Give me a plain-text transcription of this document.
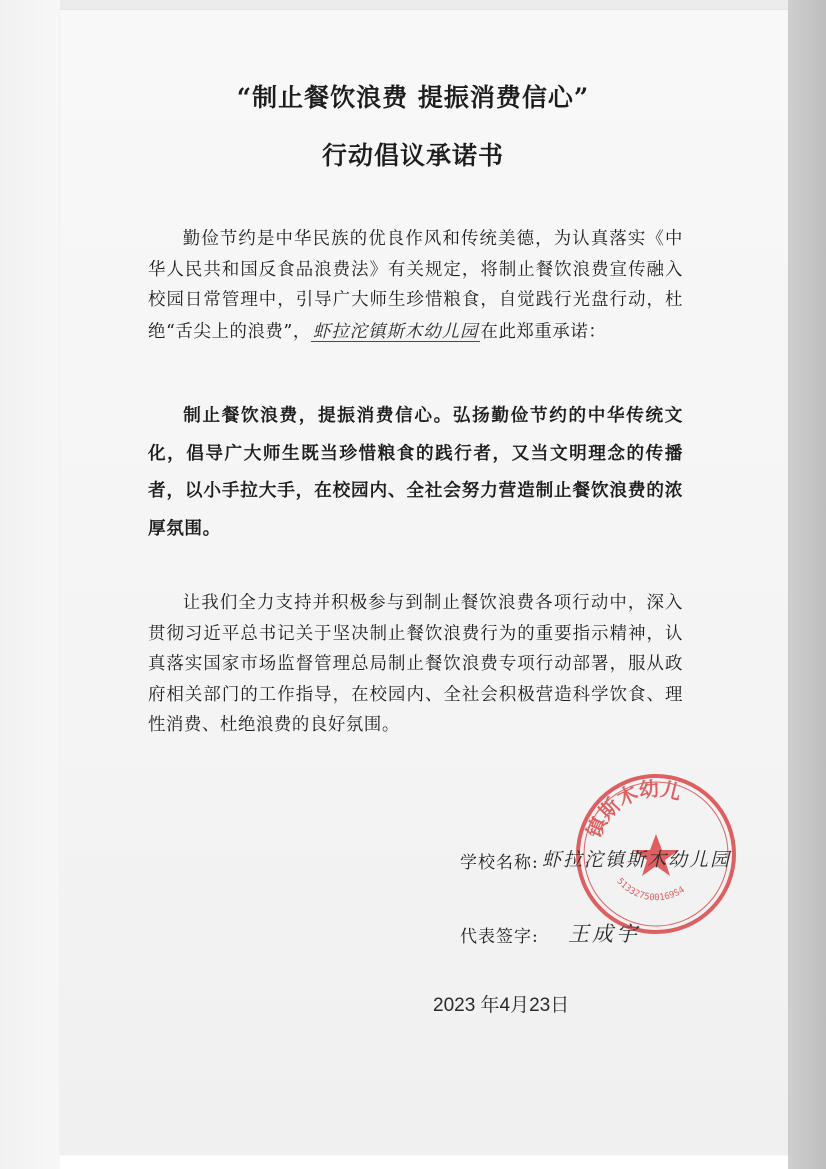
“制止餐饮浪费 提振消费信心”
行动倡议承诺书

勤俭节约是中华民族的优良作风和传统美德，为认真落实《中华人民共和国反食品浪费法》有关规定，将制止餐饮浪费宣传融入校园日常管理中，引导广大师生珍惜粮食，自觉践行光盘行动，杜绝“舌尖上的浪费”， 虾拉沱镇斯木幼儿园 在此郑重承诺：

制止餐饮浪费，提振消费信心。弘扬勤俭节约的中华传统文化，倡导广大师生既当珍惜粮食的践行者，又当文明理念的传播者，以小手拉大手，在校园内、全社会努力营造制止餐饮浪费的浓厚氛围。

让我们全力支持并积极参与到制止餐饮浪费各项行动中，深入贯彻习近平总书记关于坚决制止餐饮浪费行为的重要指示精神，认真落实国家市场监督管理总局制止餐饮浪费专项行动部署，服从政府相关部门的工作指导，在校园内、全社会积极营造科学饮食、理性消费、杜绝浪费的良好氛围。

镇斯木幼儿
513327500169S4

学校名称: 虾拉沱镇斯木幼儿园

代表签字: 王成宇
2023 年4月23日
